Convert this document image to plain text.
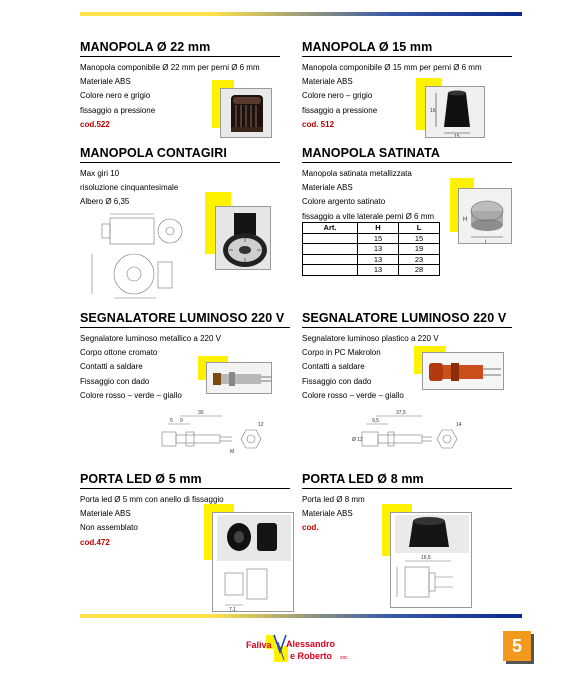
MANOPOLA Ø 22 mm
Manopola componibile Ø 22 mm per perni Ø 6 mm
Materiale ABS
Colore nero e grigio
fissaggio a pressione
cod.522
MANOPOLA Ø 15 mm
Manopola componibile Ø 15 mm per perni Ø 6 mm
Materiale ABS
Colore nero – grigio
fissaggio a pressione
cod. 512
16
15
MANOPOLA CONTAGIRI
Max giri 10
risoluzione cinquantesimale
Albero Ø 6,35
MANOPOLA SATINATA
Manopola satinata metallizzata
Materiale ABS
Colore argento satinato
fissaggio a vite laterale perni Ø 6 mm
Art.	H	L
	15	15
	13	19
	13	23
	13	28
H
L
SEGNALATORE LUMINOSO 220 V
Segnalatore luminoso metallico a 220 V
Corpo ottone cromato
Contatti a saldare
Fissaggio con dado
Colore rosso – verde – giallo
30
5 9
12
M
SEGNALATORE LUMINOSO 220 V
Segnalatore luminoso plastico a 220 V
Corpo in PC Makrolon
Contatti a saldare
Fissaggio con dado
Colore rosso – verde – giallo
37,5
9,5
14
Ø 12
PORTA LED Ø 5 mm
Porta led Ø 5 mm con anello di fissaggio
Materiale ABS
Non assemblato
cod.472
7,1
PORTA LED Ø 8 mm
Porta led Ø 8 mm
Materiale ABS
cod.
16,5
Faliva Alessandro
e Roberto snc
5
